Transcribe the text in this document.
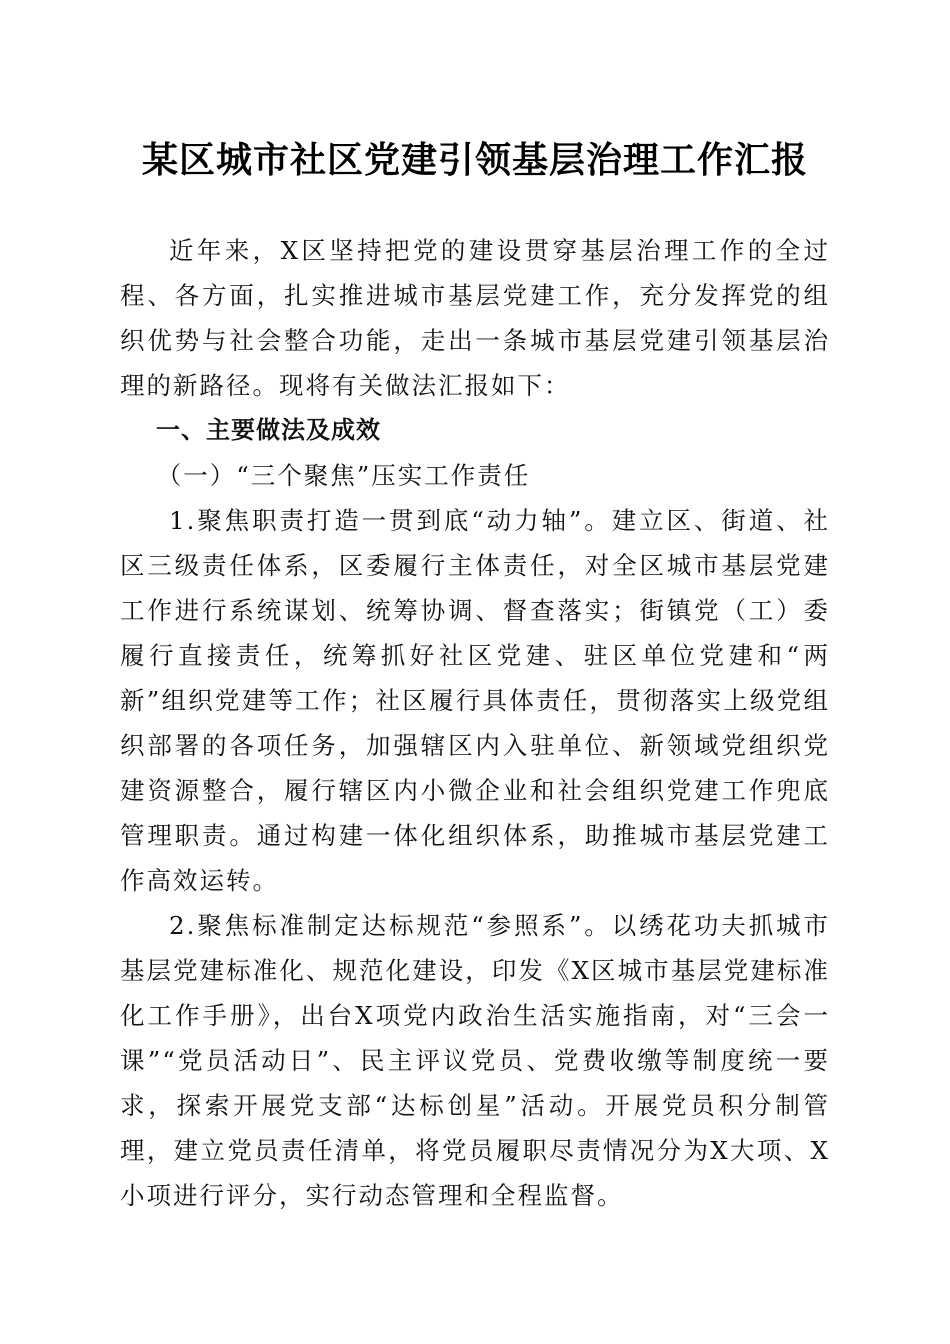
某区城市社区党建引领基层治理工作汇报

近年来，X区坚持把党的建设贯穿基层治理工作的全过程、各方面，扎实推进城市基层党建工作，充分发挥党的组织优势与社会整合功能，走出一条城市基层党建引领基层治理的新路径。现将有关做法汇报如下：

一、主要做法及成效

（一）“三个聚焦”压实工作责任

1.聚焦职责打造一贯到底“动力轴”。建立区、街道、社区三级责任体系，区委履行主体责任，对全区城市基层党建工作进行系统谋划、统筹协调、督查落实；街镇党（工）委履行直接责任，统筹抓好社区党建、驻区单位党建和“两新”组织党建等工作；社区履行具体责任，贯彻落实上级党组织部署的各项任务，加强辖区内入驻单位、新领域党组织党建资源整合，履行辖区内小微企业和社会组织党建工作兜底管理职责。通过构建一体化组织体系，助推城市基层党建工作高效运转。

2.聚焦标准制定达标规范“参照系”。以绣花功夫抓城市基层党建标准化、规范化建设，印发《X区城市基层党建标准化工作手册》，出台X项党内政治生活实施指南，对“三会一课”“党员活动日”、民主评议党员、党费收缴等制度统一要求，探索开展党支部“达标创星”活动。开展党员积分制管理，建立党员责任清单，将党员履职尽责情况分为X大项、X小项进行评分，实行动态管理和全程监督。
